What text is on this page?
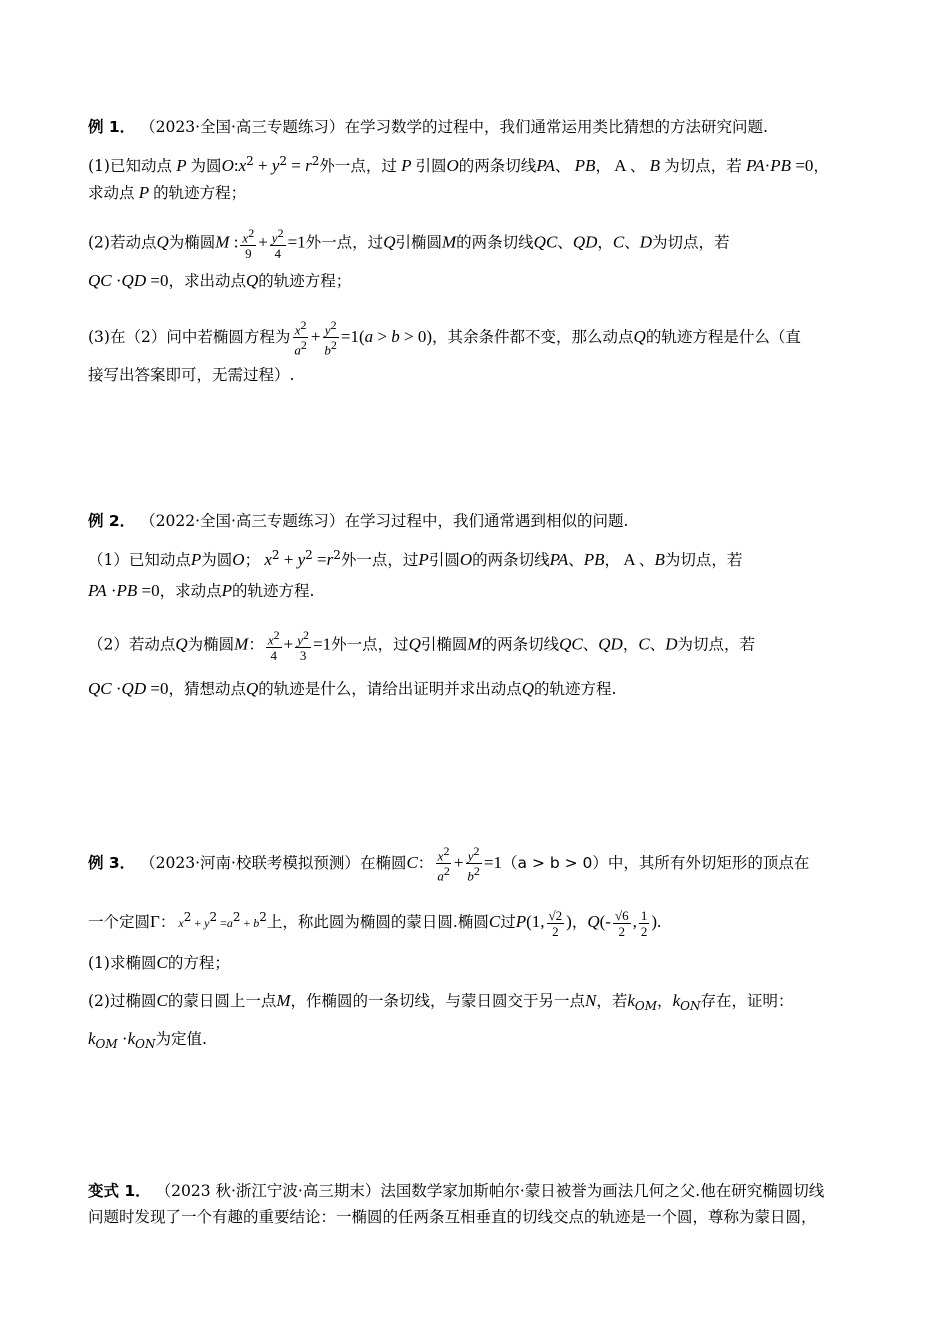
例 1． （2023·全国·高三专题练习）在学习数学的过程中，我们通常运用类比猜想的方法研究问题.
(1)已知动点 P 为圆$O:x^2 + y^2 = r^2$外一点，过 P 引圆O的两条切线PA、 PB， A 、 B 为切点，若 PA·PB =0，
求动点 P 的轨迹方程；
(2)若动点Q为椭圆M : $\frac{x^2}{9} + \frac{y^2}{4} =1$外一点，过Q引椭圆M的两条切线QC、QD，C、D为切点，若
QC ·QD =0，求出动点Q的轨迹方程；
(3)在（2）问中若椭圆方程为 $\frac{x^2}{a^2} + \frac{y^2}{b^2} =1(a > b > 0)$，其余条件都不变，那么动点Q的轨迹方程是什么（直
接写出答案即可，无需过程）.
例 2． （2022·全国·高三专题练习）在学习过程中，我们通常遇到相似的问题.
（1）已知动点P为圆O； $x^2 + y^2 =r^2$外一点，过P引圆O的两条切线PA、PB， A 、B为切点，若
PA ·PB =0，求动点P的轨迹方程.
（2）若动点Q为椭圆M： $\frac{x^2}{4} + \frac{y^2}{3} =1$外一点，过Q引椭圆M的两条切线QC、QD，C、D为切点，若
QC ·QD =0，猜想动点Q的轨迹是什么，请给出证明并求出动点Q的轨迹方程.
例 3． （2023·河南·校联考模拟预测）在椭圆C： $\frac{x^2}{a^2} + \frac{y^2}{b^2} =1(a > b > 0)$中，其所有外切矩形的顶点在
一个定圆Γ： $x^2 + y^2 =a^2 + b^2$上，称此圆为椭圆的蒙日圆.椭圆C过P(1, $\frac{√2}{2}$ )，$Q(- \frac{√6}{2}$ , $\frac{1}{2}$ ).
(1)求椭圆C的方程；
(2)过椭圆C的蒙日圆上一点M，作椭圆的一条切线，与蒙日圆交于另一点N，若$k_{OM}$，$k_{ON}$存在，证明：
$k_{OM} \cdot k_{ON}$为定值.
变式 1． （2023 秋·浙江宁波·高三期末）法国数学家加斯帕尔·蒙日被誉为画法几何之父.他在研究椭圆切线
问题时发现了一个有趣的重要结论：一椭圆的任两条互相垂直的切线交点的轨迹是一个圆，尊称为蒙日圆，
